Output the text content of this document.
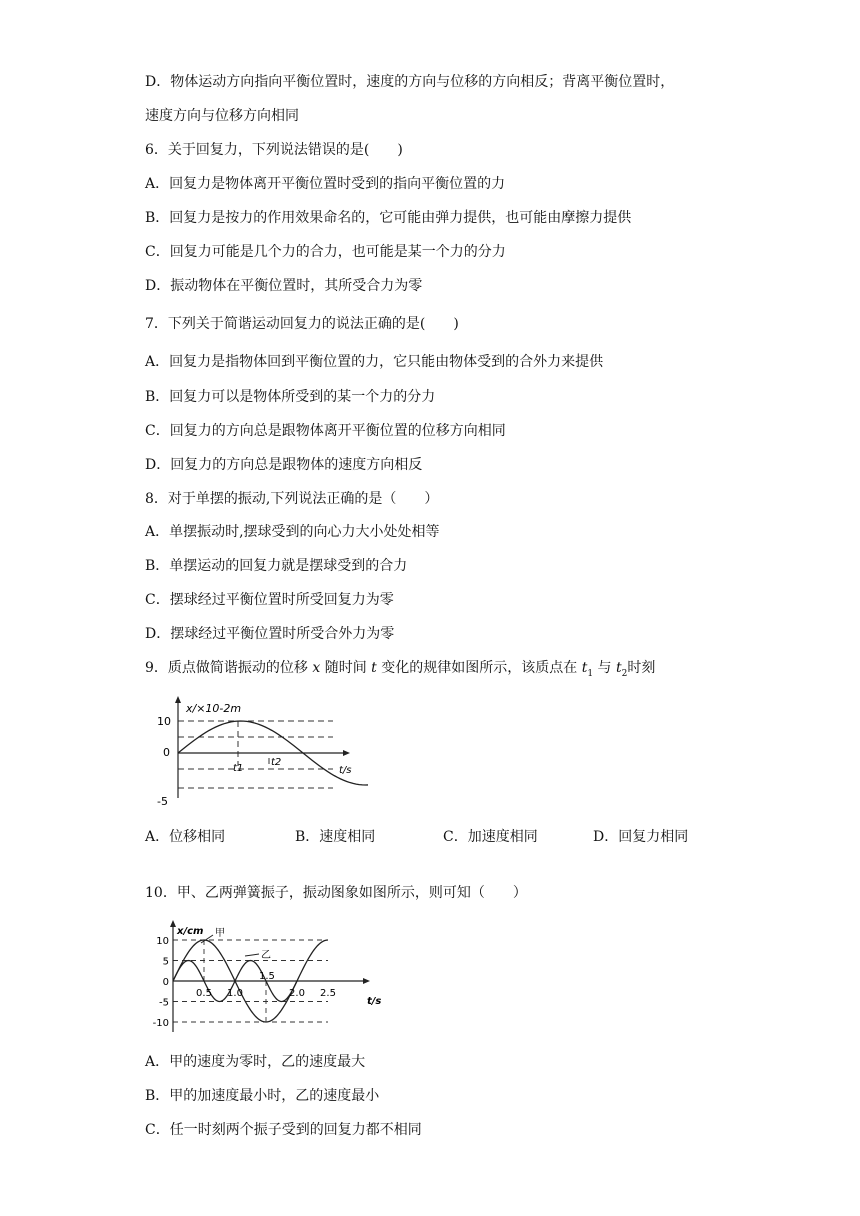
D．物体运动方向指向平衡位置时，速度的方向与位移的方向相反；背离平衡位置时，
速度方向与位移方向相同
6．关于回复力，下列说法错误的是(　　)
A．回复力是物体离开平衡位置时受到的指向平衡位置的力
B．回复力是按力的作用效果命名的，它可能由弹力提供，也可能由摩擦力提供
C．回复力可能是几个力的合力，也可能是某一个力的分力
D．振动物体在平衡位置时，其所受合力为零
7．下列关于简谐运动回复力的说法正确的是(　　)
A．回复力是指物体回到平衡位置的力，它只能由物体受到的合外力来提供
B．回复力可以是物体所受到的某一个力的分力
C．回复力的方向总是跟物体离开平衡位置的位移方向相同
D．回复力的方向总是跟物体的速度方向相反
8．对于单摆的振动,下列说法正确的是（　　）
A．单摆振动时,摆球受到的向心力大小处处相等
B．单摆运动的回复力就是摆球受到的合力
C．摆球经过平衡位置时所受回复力为零
D．摆球经过平衡位置时所受合外力为零
9．质点做简谐振动的位移 x 随时间 t 变化的规律如图所示，该质点在 $t_1$ 与 $t_2$时刻
x/×10-2m
10
0
-5
t1
t2
t/s
A．位移相同	B．速度相同	C．加速度相同	D．回复力相同
10．甲、乙两弹簧振子，振动图象如图所示，则可知（　　）
x/cm 甲
乙
10
5
0
-5
-10
0.5 1.0	2.0 2.5
1.5
t/s
A．甲的速度为零时，乙的速度最大
B．甲的加速度最小时，乙的速度最小
C．任一时刻两个振子受到的回复力都不相同
